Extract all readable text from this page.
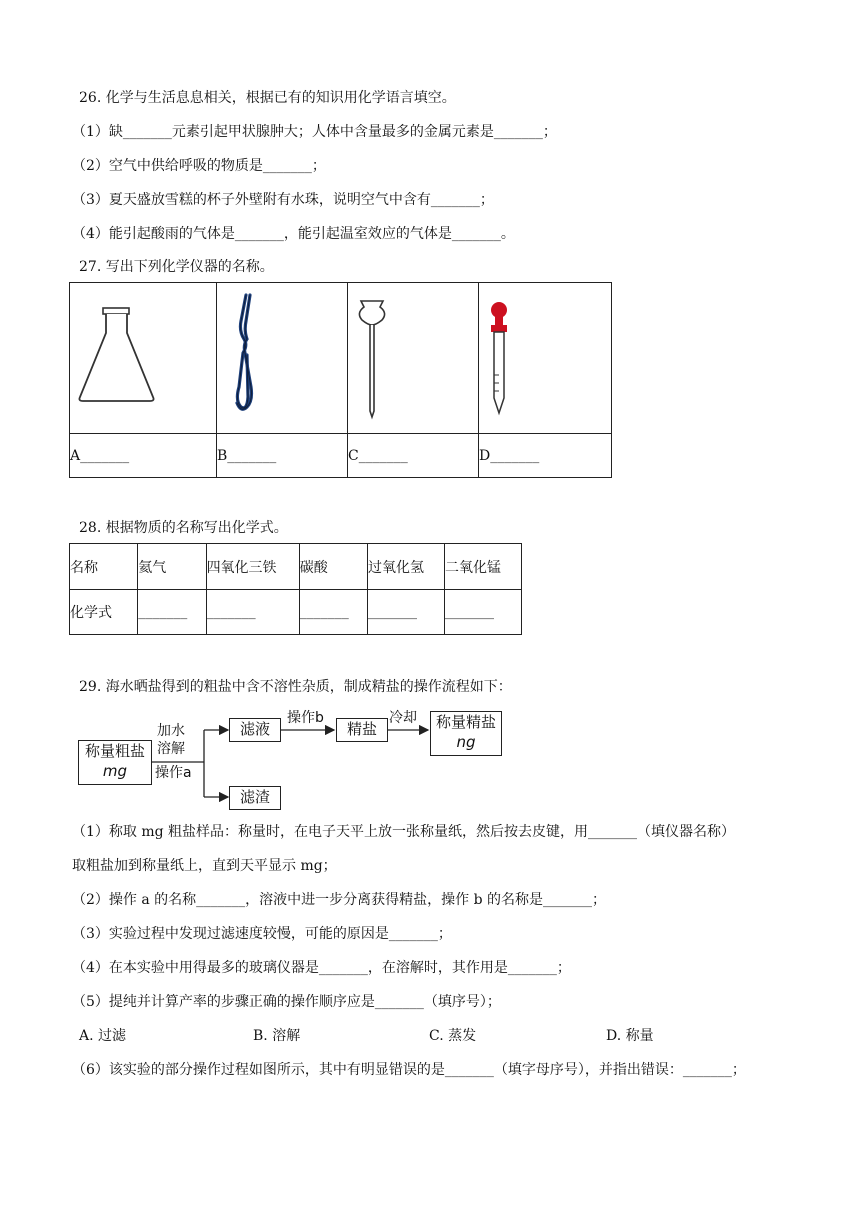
26. 化学与生活息息相关，根据已有的知识用化学语言填空。
（1）缺_______元素引起甲状腺肿大；人体中含量最多的金属元素是_______；
（2）空气中供给呼吸的物质是_______；
（3）夏天盛放雪糕的杯子外壁附有水珠，说明空气中含有_______；
（4）能引起酸雨的气体是_______，能引起温室效应的气体是_______。
27. 写出下列化学仪器的名称。

A_______	B_______	C_______	D_______
28. 根据物质的名称写出化学式。
名称	氦气	四氧化三铁	碳酸	过氧化氢	二氧化锰
化学式	_______	_______	_______	_______	_______
29. 海水晒盐得到的粗盐中含不溶性杂质，制成精盐的操作流程如下：
称量粗盐
mg
加水
溶解
操作a
滤液
操作b
精盐
冷却	称量精盐
ng
滤渣
（1）称取 mg 粗盐样品：称量时，在电子天平上放一张称量纸，然后按去皮键，用_______（填仪器名称）
取粗盐加到称量纸上，直到天平显示 mg；
（2）操作 a 的名称_______，溶液中进一步分离获得精盐，操作 b 的名称是_______；
（3）实验过程中发现过滤速度较慢，可能的原因是_______；
（4）在本实验中用得最多的玻璃仪器是_______，在溶解时，其作用是_______；
（5）提纯并计算产率的步骤正确的操作顺序应是_______（填序号）；
A. 过滤	B. 溶解	C. 蒸发	D. 称量
（6）该实验的部分操作过程如图所示，其中有明显错误的是_______（填字母序号），并指出错误：_______；
